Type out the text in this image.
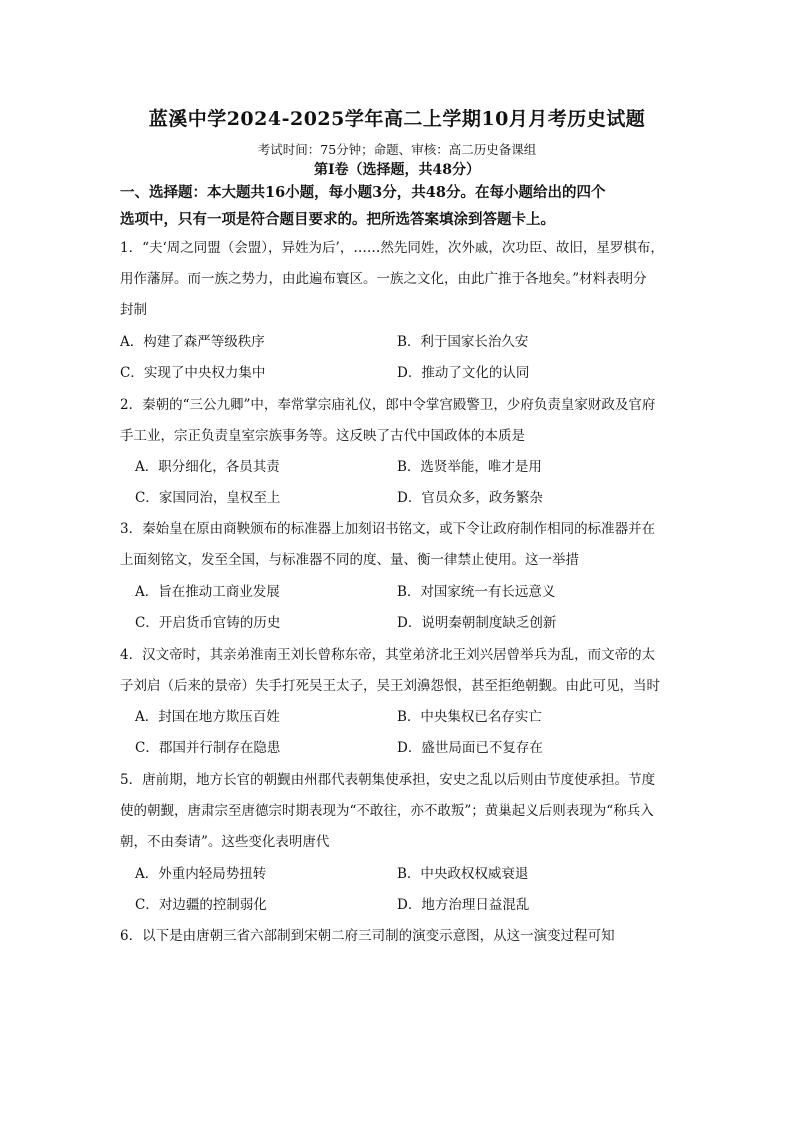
蓝溪中学2024-2025学年高二上学期10月月考历史试题
考试时间：75分钟；命题、审核：高二历史备课组
第Ⅰ卷（选择题，共48分）
一、选择题：本大题共16小题，每小题3分，共48分。在每小题给出的四个
选项中，只有一项是符合题目要求的。把所选答案填涂到答题卡上。
1．“夫‘周之同盟（会盟），异姓为后’，……然先同姓，次外戚，次功臣、故旧，星罗棋布，
用作藩屏。而一族之势力，由此遍布寰区。一族之文化，由此广推于各地矣。”材料表明分
封制
A．构建了森严等级秩序	B．利于国家长治久安
C．实现了中央权力集中	D．推动了文化的认同
2．秦朝的“三公九卿”中，奉常掌宗庙礼仪，郎中令掌宫殿警卫，少府负责皇家财政及官府
手工业，宗正负责皇室宗族事务等。这反映了古代中国政体的本质是
A．职分细化，各员其责	B．选贤举能，唯才是用
C．家国同治，皇权至上	D．官员众多，政务繁杂
3．秦始皇在原由商鞅颁布的标准器上加刻诏书铭文，或下令让政府制作相同的标准器并在
上面刻铭文，发至全国，与标准器不同的度、量、衡一律禁止使用。这一举措
A．旨在推动工商业发展	B．对国家统一有长远意义
C．开启货币官铸的历史	D．说明秦朝制度缺乏创新
4．汉文帝时，其亲弟淮南王刘长曾称东帝，其堂弟济北王刘兴居曾举兵为乱，而文帝的太
子刘启（后来的景帝）失手打死吴王太子，吴王刘濞怨恨，甚至拒绝朝觐。由此可见，当时
A．封国在地方欺压百姓	B．中央集权已名存实亡
C．郡国并行制存在隐患	D．盛世局面已不复存在
5．唐前期，地方长官的朝觐由州郡代表朝集使承担，安史之乱以后则由节度使承担。节度
使的朝觐，唐肃宗至唐德宗时期表现为“不敢往，亦不敢叛”；黄巢起义后则表现为“称兵入
朝，不由奏请”。这些变化表明唐代
A．外重内轻局势扭转	B．中央政权权威衰退
C．对边疆的控制弱化	D．地方治理日益混乱
6．以下是由唐朝三省六部制到宋朝二府三司制的演变示意图，从这一演变过程可知
